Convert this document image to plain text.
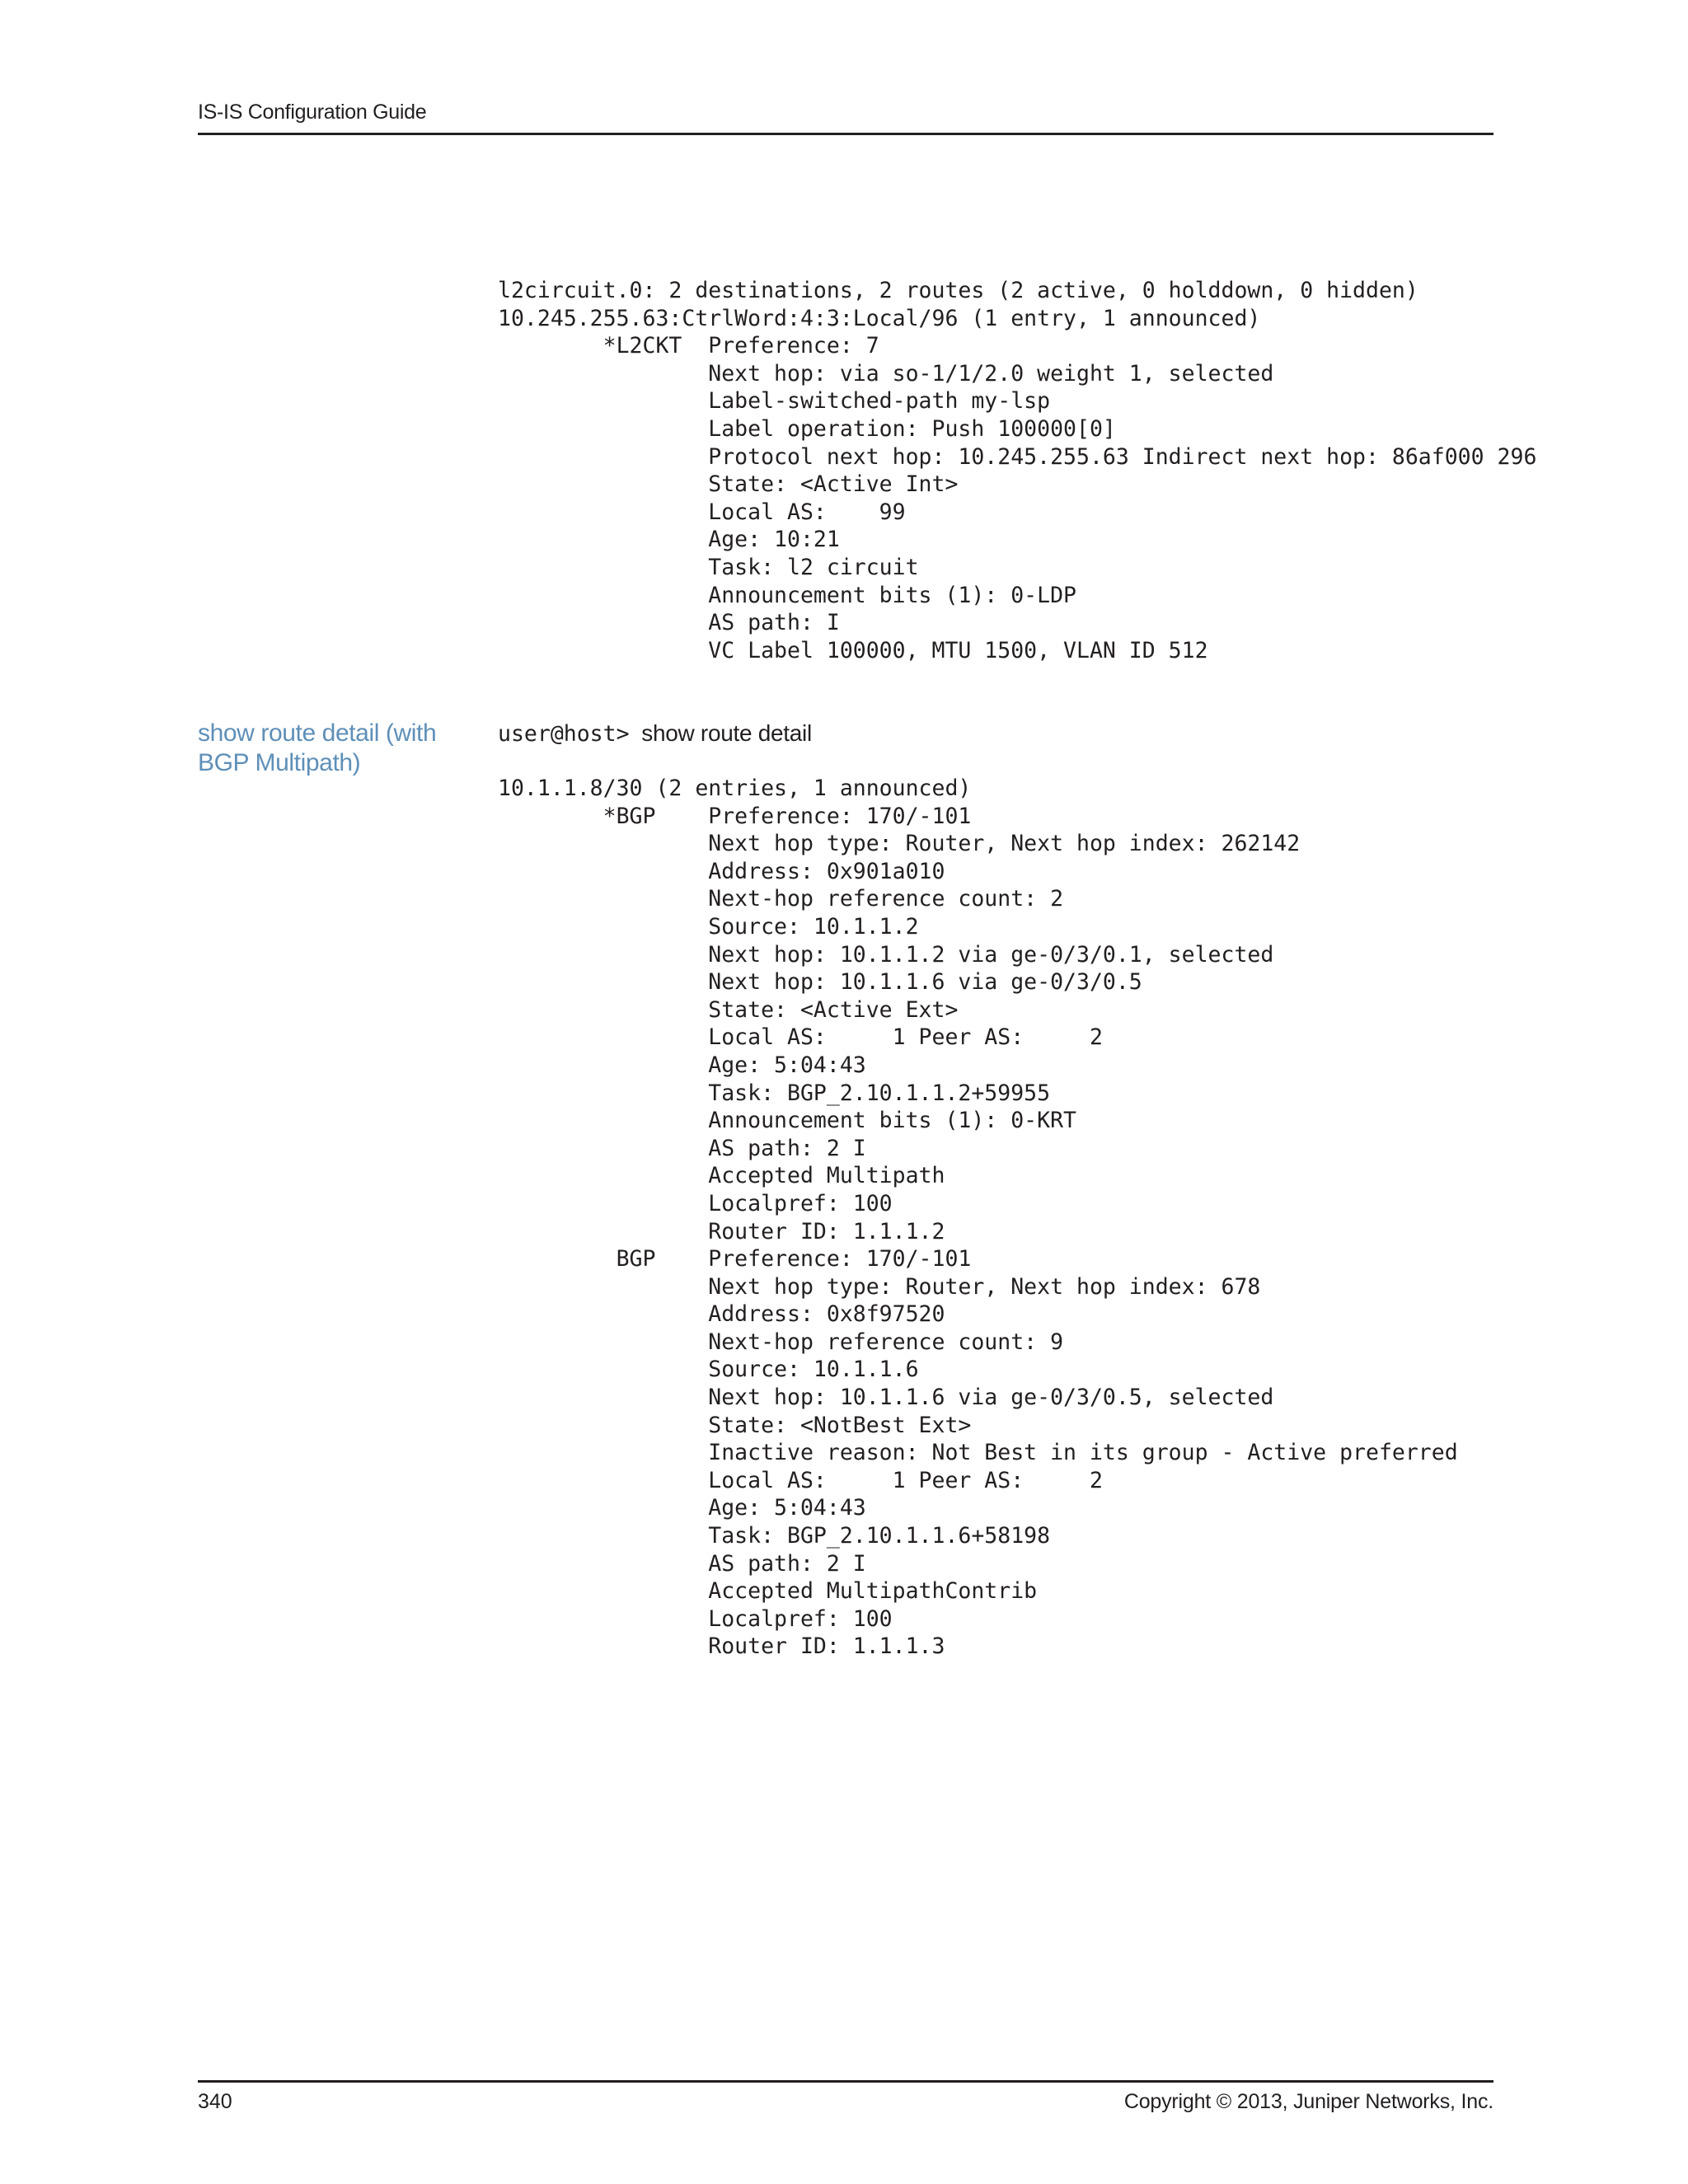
IS-IS Configuration Guide
l2circuit.0: 2 destinations, 2 routes (2 active, 0 holddown, 0 hidden)
10.245.255.63:CtrlWord:4:3:Local/96 (1 entry, 1 announced)
*L2CKT  Preference: 7
Next hop: via so-1/1/2.0 weight 1, selected
Label-switched-path my-lsp
Label operation: Push 100000[0]
Protocol next hop: 10.245.255.63 Indirect next hop: 86af000 296
State: <Active Int>
Local AS:    99
Age: 10:21
Task: l2 circuit
Announcement bits (1): 0-LDP
AS path: I
VC Label 100000, MTU 1500, VLAN ID 512
show route detail (with BGP Multipath)
user@host> show route detail
10.1.1.8/30 (2 entries, 1 announced)
*BGP    Preference: 170/-101
Next hop type: Router, Next hop index: 262142
Address: 0x901a010
Next-hop reference count: 2
Source: 10.1.1.2
Next hop: 10.1.1.2 via ge-0/3/0.1, selected
Next hop: 10.1.1.6 via ge-0/3/0.5
State: <Active Ext>
Local AS:     1 Peer AS:     2
Age: 5:04:43
Task: BGP_2.10.1.1.2+59955
Announcement bits (1): 0-KRT
AS path: 2 I
Accepted Multipath
Localpref: 100
Router ID: 1.1.1.2
BGP    Preference: 170/-101
Next hop type: Router, Next hop index: 678
Address: 0x8f97520
Next-hop reference count: 9
Source: 10.1.1.6
Next hop: 10.1.1.6 via ge-0/3/0.5, selected
State: <NotBest Ext>
Inactive reason: Not Best in its group - Active preferred
Local AS:     1 Peer AS:     2
Age: 5:04:43
Task: BGP_2.10.1.1.6+58198
AS path: 2 I
Accepted MultipathContrib
Localpref: 100
Router ID: 1.1.1.3
340	Copyright © 2013, Juniper Networks, Inc.
